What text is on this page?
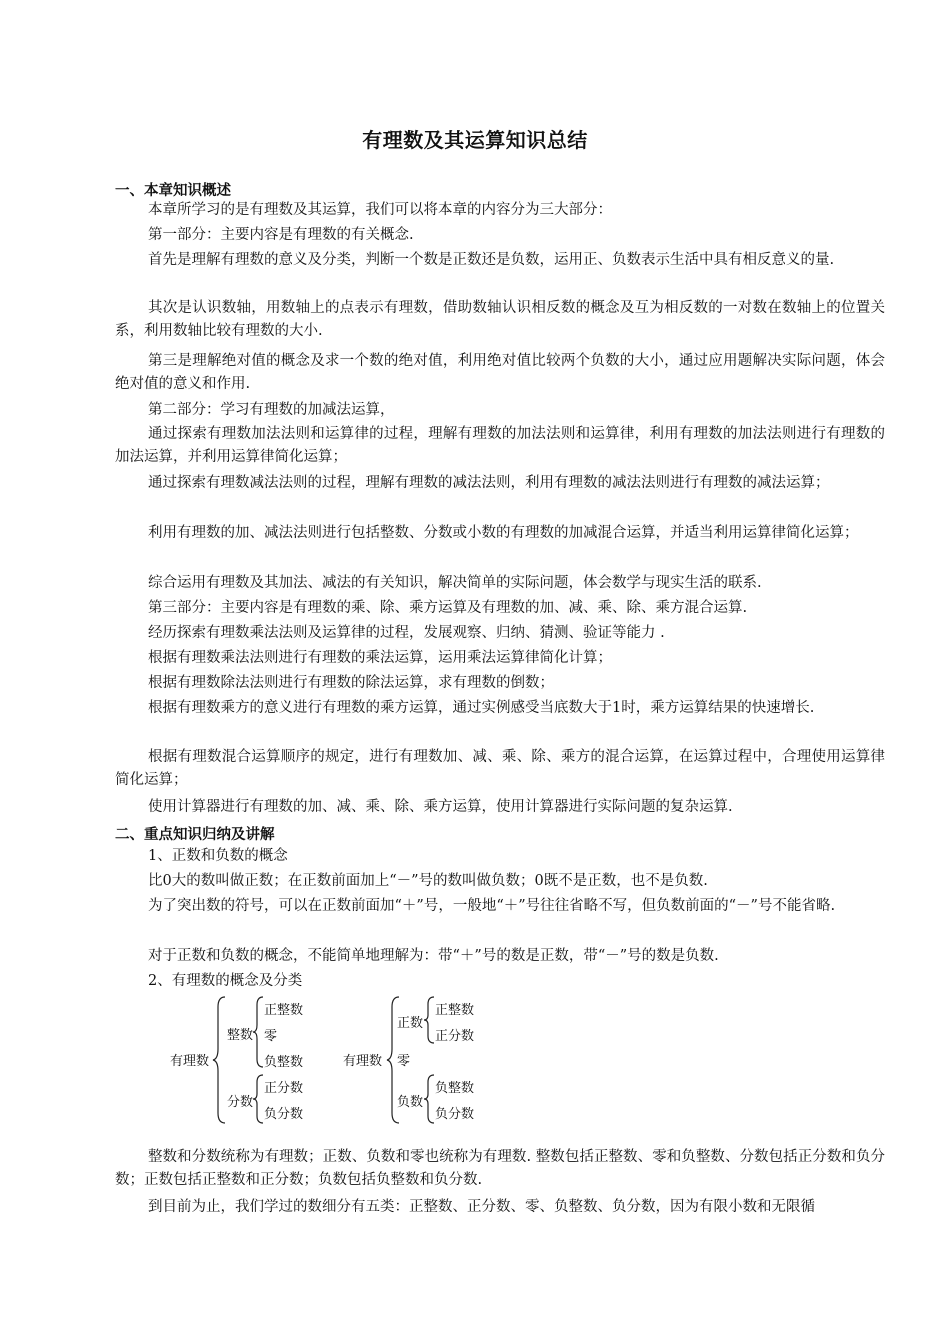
有理数及其运算知识总结
一、本章知识概述
本章所学习的是有理数及其运算，我们可以将本章的内容分为三大部分：
第一部分：主要内容是有理数的有关概念.
首先是理解有理数的意义及分类，判断一个数是正数还是负数，运用正、负数表示生活中具有相反意义的量.
其次是认识数轴，用数轴上的点表示有理数，借助数轴认识相反数的概念及互为相反数的一对数在数轴上的位置关系，利用数轴比较有理数的大小.
第三是理解绝对值的概念及求一个数的绝对值，利用绝对值比较两个负数的大小，通过应用题解决实际问题，体会绝对值的意义和作用.
第二部分：学习有理数的加减法运算，
通过探索有理数加法法则和运算律的过程，理解有理数的加法法则和运算律，利用有理数的加法法则进行有理数的加法运算，并利用运算律简化运算；
通过探索有理数减法法则的过程，理解有理数的减法法则，利用有理数的减法法则进行有理数的减法运算；
利用有理数的加、减法法则进行包括整数、分数或小数的有理数的加减混合运算，并适当利用运算律简化运算；
综合运用有理数及其加法、减法的有关知识，解决简单的实际问题，体会数学与现实生活的联系.
第三部分：主要内容是有理数的乘、除、乘方运算及有理数的加、减、乘、除、乘方混合运算.
经历探索有理数乘法法则及运算律的过程，发展观察、归纳、猜测、验证等能力 .
根据有理数乘法法则进行有理数的乘法运算，运用乘法运算律简化计算；
根据有理数除法法则进行有理数的除法运算，求有理数的倒数；
根据有理数乘方的意义进行有理数的乘方运算，通过实例感受当底数大于1时，乘方运算结果的快速增长.
根据有理数混合运算顺序的规定，进行有理数加、减、乘、除、乘方的混合运算，在运算过程中，合理使用运算律简化运算；
使用计算器进行有理数的加、减、乘、除、乘方运算，使用计算器进行实际问题的复杂运算.
二、重点知识归纳及讲解
1、正数和负数的概念
比0大的数叫做正数；在正数前面加上“－”号的数叫做负数；0既不是正数，也不是负数.
为了突出数的符号，可以在正数前面加“＋”号，一般地“＋”号往往省略不写，但负数前面的“－”号不能省略.
对于正数和负数的概念，不能简单地理解为：带“＋”号的数是正数，带“－”号的数是负数.
2、有理数的概念及分类
有理数
整数
正整数
零
负整数
分数
正分数
负分数
有理数
正数
正整数
正分数
零
负数
负整数
负分数
整数和分数统称为有理数；正数、负数和零也统称为有理数. 整数包括正整数、零和负整数、分数包括正分数和负分数；正数包括正整数和正分数；负数包括负整数和负分数.
到目前为止，我们学过的数细分有五类：正整数、正分数、零、负整数、负分数，因为有限小数和无限循
